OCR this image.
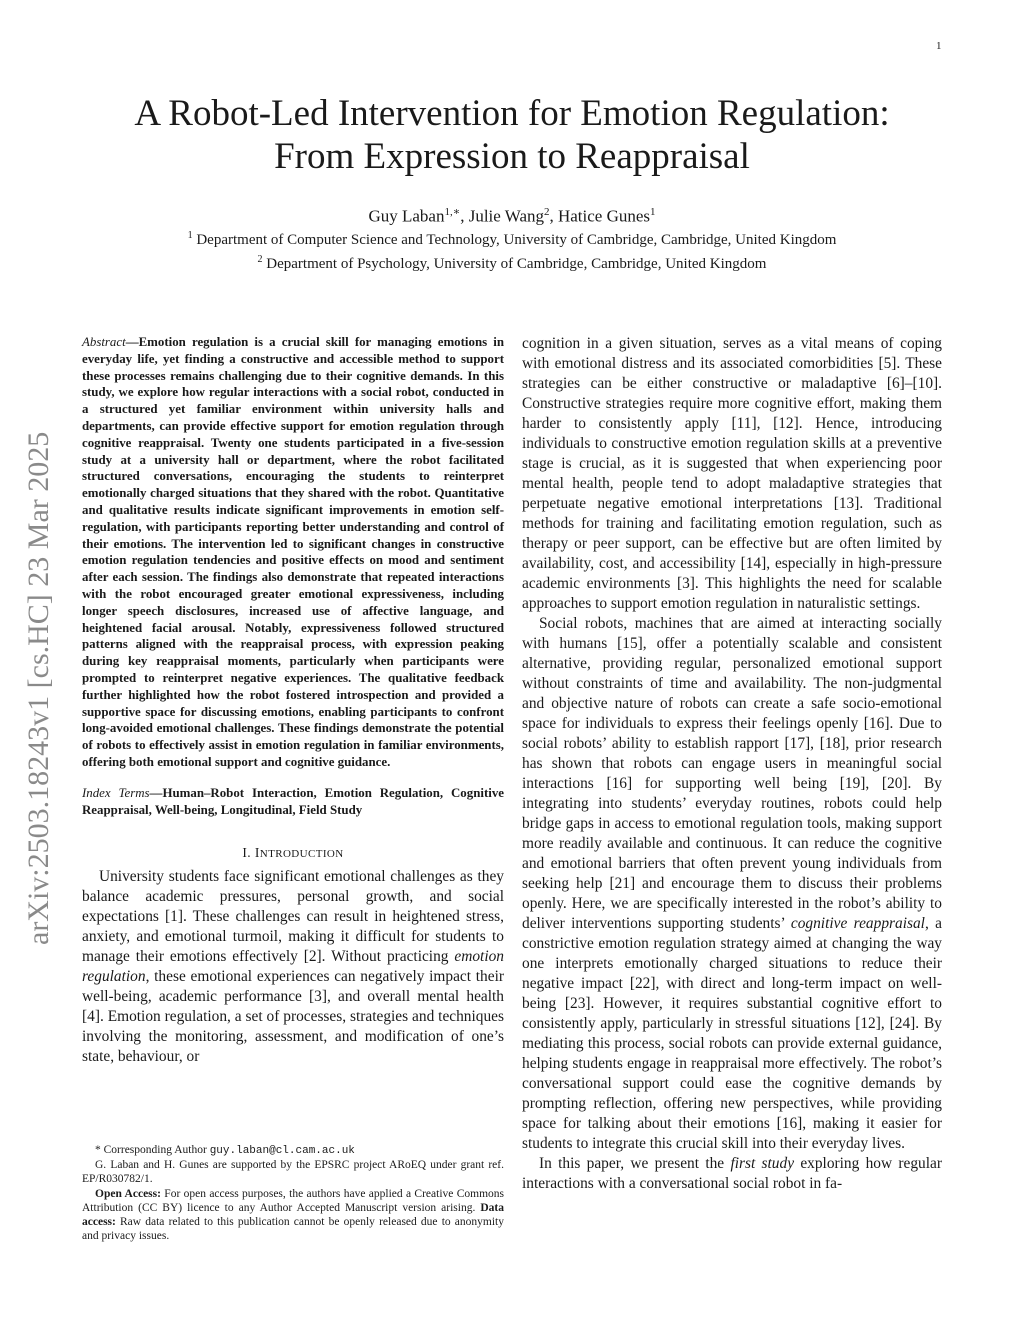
1
A Robot-Led Intervention for Emotion Regulation:
From Expression to Reappraisal
Guy Laban$^{1,∗}$, Julie Wang$^2$, Hatice Gunes$^1$
$^1$ Department of Computer Science and Technology, University of Cambridge, Cambridge, United Kingdom
$^2$ Department of Psychology, University of Cambridge, Cambridge, United Kingdom
arXiv:2503.18243v1 [cs.HC] 23 Mar 2025

Abstract—Emotion regulation is a crucial skill for managing emotions in everyday life, yet finding a constructive and accessible method to support these processes remains challenging due to their cognitive demands. In this study, we explore how regular interactions with a social robot, conducted in a structured yet familiar environment within university halls and departments, can provide effective support for emotion regulation through cognitive reappraisal. Twenty one students participated in a five-session study at a university hall or department, where the robot facilitated structured conversations, encouraging the students to reinterpret emotionally charged situations that they shared with the robot. Quantitative and qualitative results indicate significant improvements in emotion self-regulation, with participants reporting better understanding and control of their emotions. The intervention led to significant changes in constructive emotion regulation tendencies and positive effects on mood and sentiment after each session. The findings also demonstrate that repeated interactions with the robot encouraged greater emotional expressiveness, including longer speech disclosures, increased use of affective language, and heightened facial arousal. Notably, expressiveness followed structured patterns aligned with the reappraisal process, with expression peaking during key reappraisal moments, particularly when participants were prompted to reinterpret negative experiences. The qualitative feedback further highlighted how the robot fostered introspection and provided a supportive space for discussing emotions, enabling participants to confront long-avoided emotional challenges. These findings demonstrate the potential of robots to effectively assist in emotion regulation in familiar environments, offering both emotional support and cognitive guidance.

Index Terms—Human–Robot Interaction, Emotion Regulation, Cognitive Reappraisal, Well-being, Longitudinal, Field Study

I. INTRODUCTION

University students face significant emotional challenges as they balance academic pressures, personal growth, and social expectations [1]. These challenges can result in heightened stress, anxiety, and emotional turmoil, making it difficult for students to manage their emotions effectively [2]. Without practicing emotion regulation, these emotional experiences can negatively impact their well-being, academic performance [3], and overall mental health [4]. Emotion regulation, a set of processes, strategies and techniques involving the monitoring, assessment, and modification of one’s state, behaviour, or

* Corresponding Author guy.laban@cl.cam.ac.uk

G. Laban and H. Gunes are supported by the EPSRC project ARoEQ under grant ref. EP/R030782/1.

Open Access: For open access purposes, the authors have applied a Creative Commons Attribution (CC BY) licence to any Author Accepted Manuscript version arising. Data access: Raw data related to this publication cannot be openly released due to anonymity and privacy issues.

cognition in a given situation, serves as a vital means of coping with emotional distress and its associated comorbidities [5]. These strategies can be either constructive or maladaptive [6]–[10]. Constructive strategies require more cognitive effort, making them harder to consistently apply [11], [12]. Hence, introducing individuals to constructive emotion regulation skills at a preventive stage is crucial, as it is suggested that when experiencing poor mental health, people tend to adopt maladaptive strategies that perpetuate negative emotional interpretations [13]. Traditional methods for training and facilitating emotion regulation, such as therapy or peer support, can be effective but are often limited by availability, cost, and accessibility [14], especially in high-pressure academic environments [3]. This highlights the need for scalable approaches to support emotion regulation in naturalistic settings.

Social robots, machines that are aimed at interacting socially with humans [15], offer a potentially scalable and consistent alternative, providing regular, personalized emotional support without constraints of time and availability. The non-judgmental and objective nature of robots can create a safe socio-emotional space for individuals to express their feelings openly [16]. Due to social robots’ ability to establish rapport [17], [18], prior research has shown that robots can engage users in meaningful social interactions [16] for supporting well being [19], [20]. By integrating into students’ everyday routines, robots could help bridge gaps in access to emotional regulation tools, making support more readily available and continuous. It can reduce the cognitive and emotional barriers that often prevent young individuals from seeking help [21] and encourage them to discuss their problems openly. Here, we are specifically interested in the robot’s ability to deliver interventions supporting students’ cognitive reappraisal, a constrictive emotion regulation strategy aimed at changing the way one interprets emotionally charged situations to reduce their negative impact [22], with direct and long-term impact on well-being [23]. However, it requires substantial cognitive effort to consistently apply, particularly in stressful situations [12], [24]. By mediating this process, social robots can provide external guidance, helping students engage in reappraisal more effectively. The robot’s conversational support could ease the cognitive demands by prompting reflection, offering new perspectives, while providing space for talking about their emotions [16], making it easier for students to integrate this crucial skill into their everyday lives.

In this paper, we present the first study exploring how regular interactions with a conversational social robot in fa-
